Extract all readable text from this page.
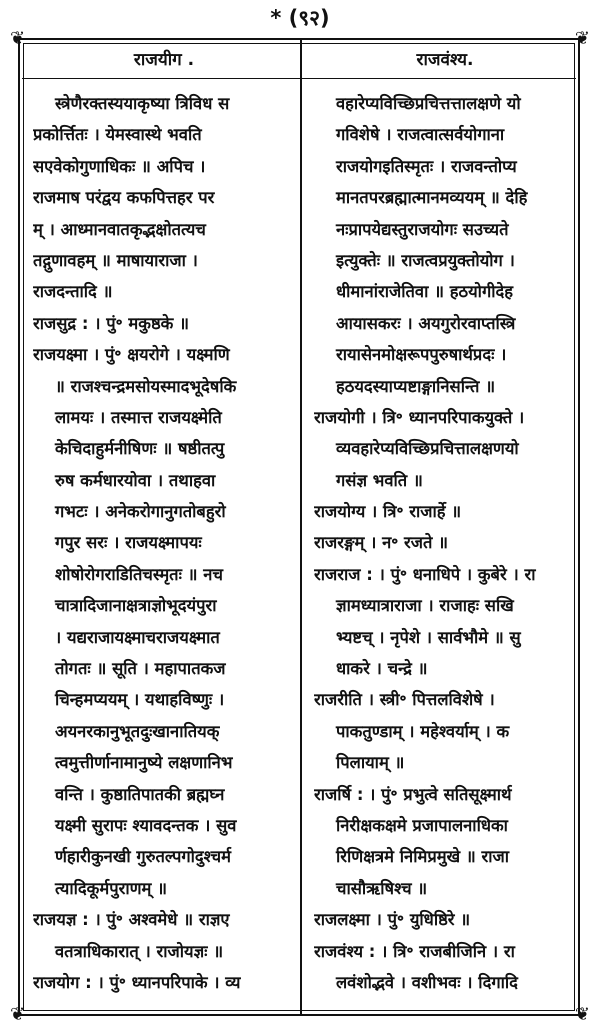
* (९२)
❦	❦
❦	❦
राजयीग .
स्त्रेणैरक्तस्ययाकृष्या त्रिविध स
प्रकोर्त्तितः । येमस्वास्थे भवति
सएवेकोगुणाधिकः ॥ अपिच ।
राजमाष परंद्वय कफपित्तहर पर
म् । आध्मानवातकृद्भक्षोतत्यच
तद्गुणावहम् ॥ माषायाराजा ।
राजदन्तादि ॥
राजसुद्र : । पुं॰ मकुष्ठके ॥
राजयक्ष्मा । पुं॰ क्षयरोगे । यक्ष्मणि
॥ राजश्चन्द्रमसोयस्मादभूदेषकि
लामयः । तस्मात्त राजयक्ष्मेति
केचिदाहुर्मनीषिणः ॥ षष्ठीतत्पु
रुष कर्मधारयोवा । तथाहवा
गभटः । अनेकरोगानुगतोबहुरो
गपुर सरः । राजयक्ष्मापयः
शोषोरोगराडितिचस्मृतः ॥ नच
चात्रादिजानाक्षत्राज्ञोभूदयंपुरा
। यद्यराजायक्ष्माचराजयक्ष्मात
तोगतः ॥ सूति । महापातकज
चिन्हमप्ययम् । यथाहविष्णुः ।
अयनरकानुभूतदुःखानातियक्
त्वमुत्तीर्णानामानुष्ये लक्षणानिभ
वन्ति । कुष्ठातिपातकी ब्रह्मघ्न
यक्ष्मी सुरापः श्यावदन्तक । सुव
र्णहारीकुनखी गुरुतल्पगोदुश्चर्म
त्यादिकूर्मपुराणम् ॥
राजयज्ञ : । पुं॰ अश्वमेधे ॥ राज्ञए
वतत्राधिकारात् । राजोयज्ञः ॥
राजयोग : । पुं॰ ध्यानपरिपाके । व्य
राजवंश्य.
वहारेप्यविच्छिप्रचित्तत्तालक्षणे यो
गविशेषे । राजत्वात्सर्वयोगाना
राजयोगइतिस्मृतः । राजवन्तोप्य
मानतपरब्रह्मात्मानमव्ययम् ॥ देहि
नःप्रापयेद्यस्तुराजयोगः सउच्यते
इत्युक्तेः ॥ राजत्वप्रयुक्तोयोग ।
धीमानांराजेतिवा ॥ हठयोगीदेह
आयासकरः । अयगुरोरवाप्तस्त्रि
रायासेनमोक्षरूपपुरुषार्थप्रदः ।
हठयदस्याप्यष्टाङ्गानिसन्ति ॥
राजयोगी । त्रि॰ ध्यानपरिपाकयुक्ते ।
व्यवहारेप्यविच्छिप्रचित्तालक्षणयो
गसंज्ञ भवति ॥
राजयोग्य । त्रि॰ राजार्हे ॥
राजरङ्गम् । न॰ रजते ॥
राजराज : । पुं॰ धनाधिपे । कुबेरे । रा
ज्ञामध्यात्राराजा । राजाहः सखि
भ्यष्टच् । नृपेशे । सार्वभौमे ॥ सु
धाकरे । चन्द्रे ॥
राजरीति । स्त्री॰ पित्तलविशेषे ।
पाकतुण्डाम् । महेश्वर्याम् । क
पिलायाम् ॥
राजर्षि : । पुं॰ प्रभुत्वे सतिसूक्ष्मार्थ
निरीक्षकक्षमे प्रजापालनाधिका
रिणिक्षत्रमे निमिप्रमुखे ॥ राजा
चासौऋषिश्च ॥
राजलक्ष्मा । पुं॰ युधिष्ठिरे ॥
राजवंश्य : । त्रि॰ राजबीजिनि । रा
लवंशोद्भवे । वशीभवः । दिगादि
